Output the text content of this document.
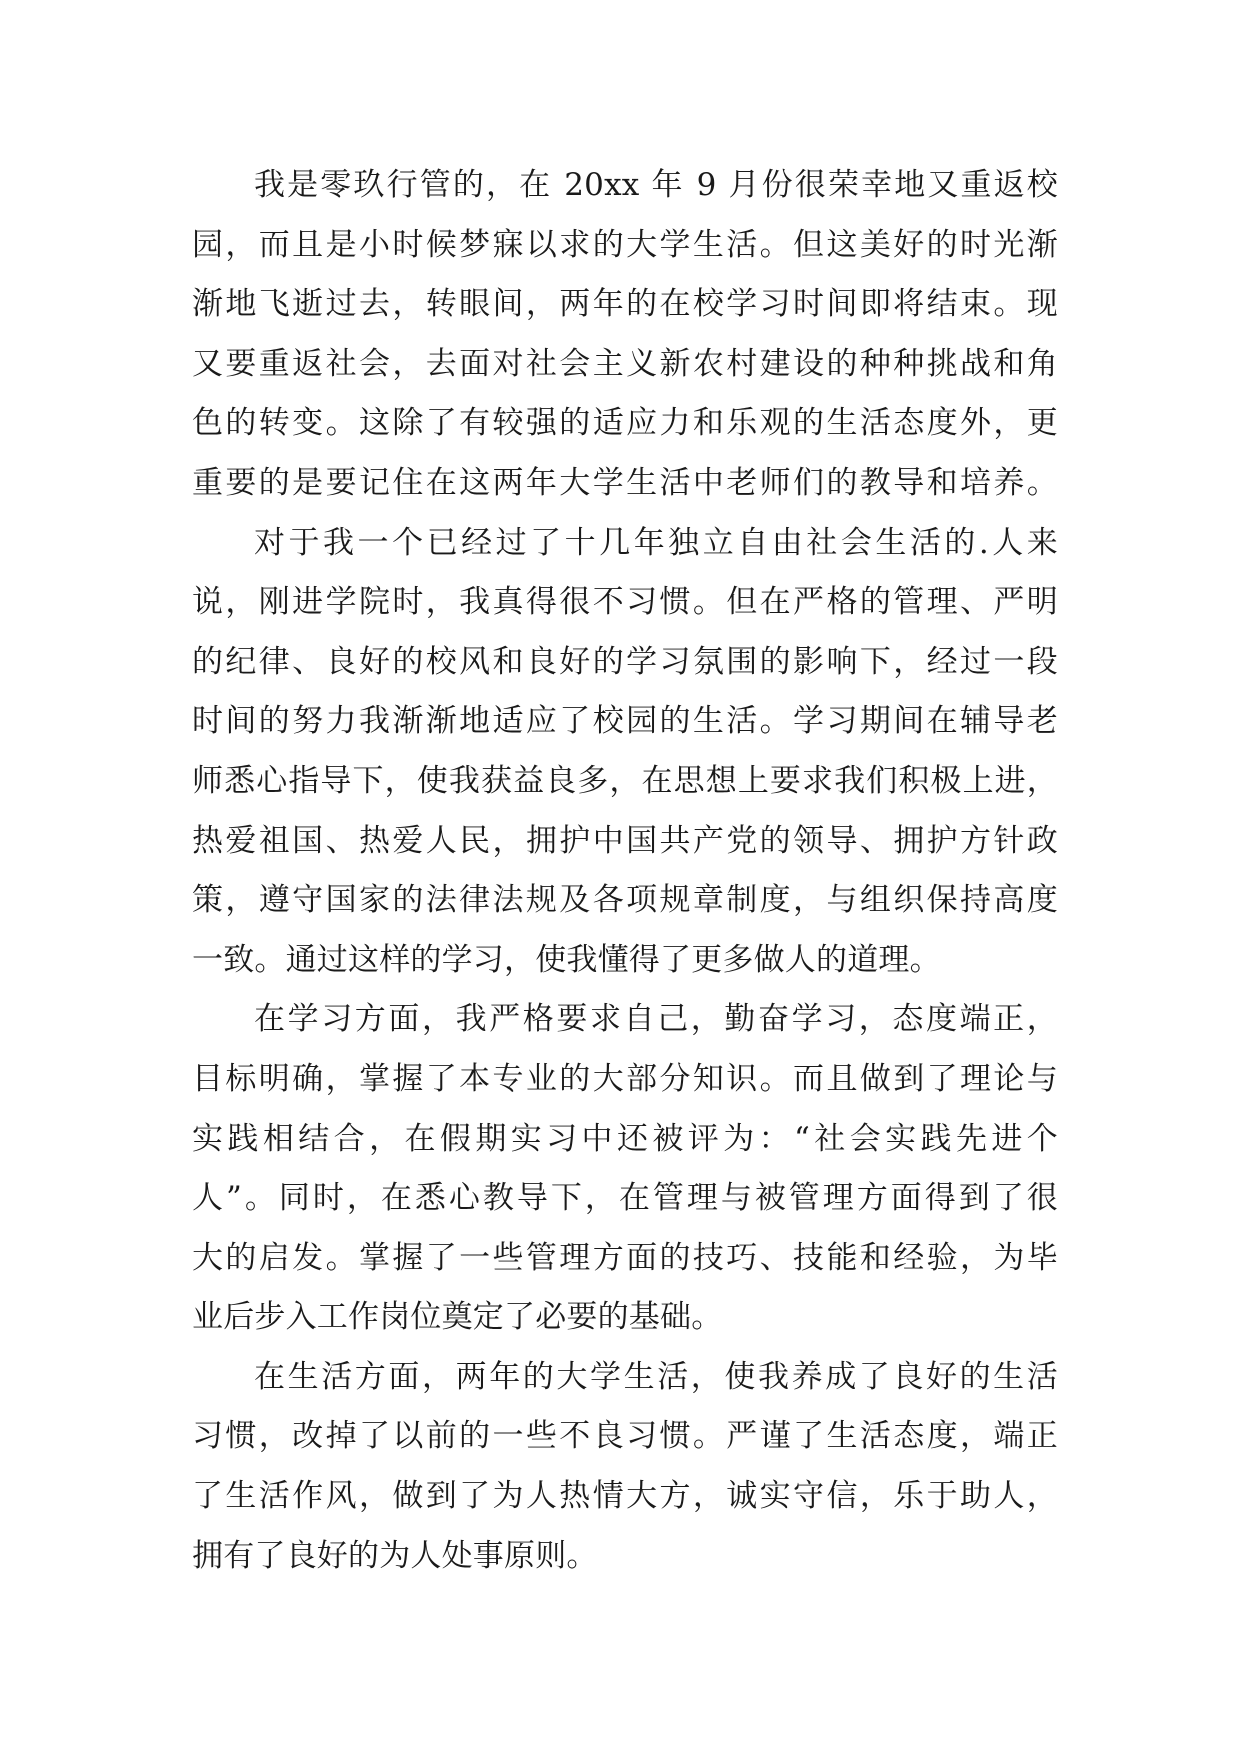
我是零玖行管的，在 20xx 年 9 月份很荣幸地又重返校
园，而且是小时候梦寐以求的大学生活。但这美好的时光渐
渐地飞逝过去，转眼间，两年的在校学习时间即将结束。现
又要重返社会，去面对社会主义新农村建设的种种挑战和角
色的转变。这除了有较强的适应力和乐观的生活态度外，更
重要的是要记住在这两年大学生活中老师们的教导和培养。
对于我一个已经过了十几年独立自由社会生活的.人来
说，刚进学院时，我真得很不习惯。但在严格的管理、严明
的纪律、良好的校风和良好的学习氛围的影响下，经过一段
时间的努力我渐渐地适应了校园的生活。学习期间在辅导老
师悉心指导下，使我获益良多，在思想上要求我们积极上进，
热爱祖国、热爱人民，拥护中国共产党的领导、拥护方针政
策，遵守国家的法律法规及各项规章制度，与组织保持高度
一致。通过这样的学习，使我懂得了更多做人的道理。
在学习方面，我严格要求自己，勤奋学习，态度端正，
目标明确，掌握了本专业的大部分知识。而且做到了理论与
实践相结合，在假期实习中还被评为：“社会实践先进个
人”。同时，在悉心教导下，在管理与被管理方面得到了很
大的启发。掌握了一些管理方面的技巧、技能和经验，为毕
业后步入工作岗位奠定了必要的基础。
在生活方面，两年的大学生活，使我养成了良好的生活
习惯，改掉了以前的一些不良习惯。严谨了生活态度，端正
了生活作风，做到了为人热情大方，诚实守信，乐于助人，
拥有了良好的为人处事原则。
